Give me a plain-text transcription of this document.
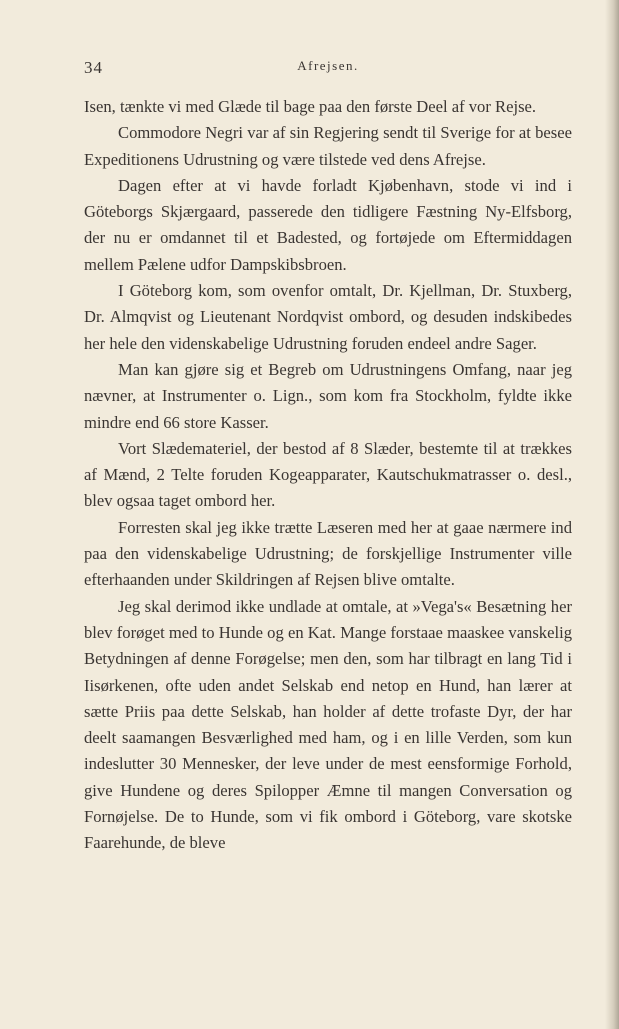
34	Afrejsen.

Isen, tænkte vi med Glæde til bage paa den første Deel af vor Rejse.

Commodore Negri var af sin Regjering sendt til Sverige for at besee Expeditionens Udrustning og være tilstede ved dens Afrejse.

Dagen efter at vi havde forladt Kjøbenhavn, stode vi ind i Göteborgs Skjærgaard, passerede den tidligere Fæstning Ny-Elfsborg, der nu er omdannet til et Badested, og fortøjede om Eftermiddagen mellem Pælene udfor Dampskibsbroen.

I Göteborg kom, som ovenfor omtalt, Dr. Kjellman, Dr. Stuxberg, Dr. Almqvist og Lieutenant Nordqvist ombord, og desuden indskibedes her hele den videnskabelige Udrustning foruden endeel andre Sager.

Man kan gjøre sig et Begreb om Udrustningens Omfang, naar jeg nævner, at Instrumenter o. Lign., som kom fra Stockholm, fyldte ikke mindre end 66 store Kasser.

Vort Slædemateriel, der bestod af 8 Slæder, bestemte til at trækkes af Mænd, 2 Telte foruden Kogeapparater, Kautschukmatrasser o. desl., blev ogsaa taget ombord her.

Forresten skal jeg ikke trætte Læseren med her at gaae nærmere ind paa den videnskabelige Udrustning; de forskjellige Instrumenter ville efterhaanden under Skildringen af Rejsen blive omtalte.

Jeg skal derimod ikke undlade at omtale, at »Vega's« Besætning her blev forøget med to Hunde og en Kat. Mange forstaae maaskee vanskelig Betydningen af denne Forøgelse; men den, som har tilbragt en lang Tid i Iisørkenen, ofte uden andet Selskab end netop en Hund, han lærer at sætte Priis paa dette Selskab, han holder af dette trofaste Dyr, der har deelt saamangen Besværlighed med ham, og i en lille Verden, som kun indeslutter 30 Mennesker, der leve under de mest eensformige Forhold, give Hundene og deres Spilopper Æmne til mangen Conversation og Fornøjelse. De to Hunde, som vi fik ombord i Göteborg, vare skotske Faarehunde, de bleve
